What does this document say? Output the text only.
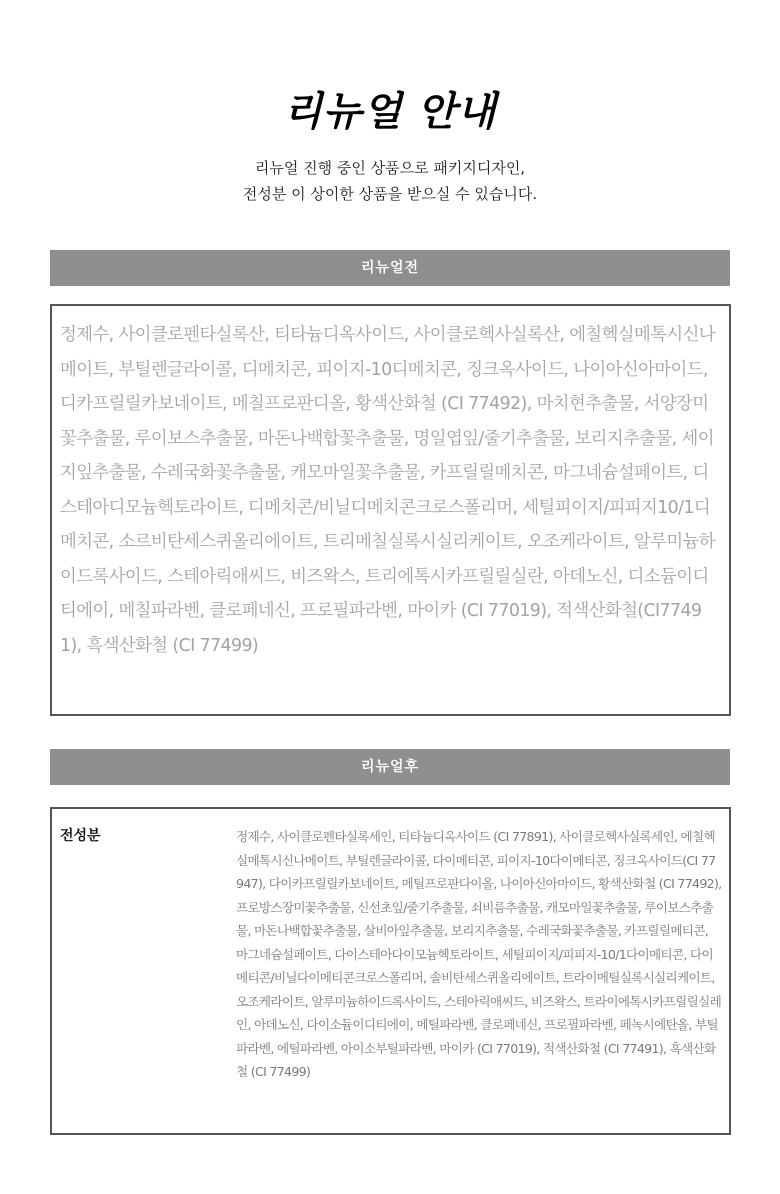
리뉴얼 안내
리뉴얼 진행 중인 상품으로 패키지디자인,
전성분 이 상이한 상품을 받으실 수 있습니다.
리뉴얼전
정제수, 사이클로펜타실록산, 티타늄디옥사이드, 사이클로헥사실록산, 에칠헥실메톡시신나메이트, 부틸렌글라이콜, 디메치콘, 피이지-10디메치콘, 징크옥사이드, 나이아신아마이드, 디카프릴릴카보네이트, 메칠프로판디올, 황색산화철 (CI 77492), 마치현추출물, 서양장미꽃추출물, 루이보스추출물, 마돈나백합꽃추출물, 명일엽잎/줄기추출물, 보리지추출물, 세이지잎추출물, 수레국화꽃추출물, 캐모마일꽃추출물, 카프릴릴메치콘, 마그네슘설페이트, 디스테아디모늄헥토라이트, 디메치콘/비닐디메치콘크로스폴리머, 세틸피이지/피피지10/1디메치콘, 소르비탄세스퀴올리에이트, 트리메칠실록시실리케이트, 오조케라이트, 알루미늄하이드록사이드, 스테아릭애씨드, 비즈왁스, 트리에톡시카프릴릴실란, 아데노신, 디소듐이디티에이, 메칠파라벤, 클로페네신, 프로필파라벤, 마이카 (CI 77019), 적색산화철(CI77491), 흑색산화철 (CI 77499)
리뉴얼후
전성분	정제수, 사이클로펜타실록세인, 티타늄디옥사이드 (CI 77891), 사이클로헥사실록세인, 에칠헥실메톡시신나메이트, 부틸렌글라이콜, 다이메티콘, 피이지-10다이메티콘, 징크옥사이드(CI 77947), 다이카프릴릴카보네이트, 메틸프로판다이올, 나이아신아마이드, 황색산화철 (CI 77492), 프로방스장미꽃추출물, 신선초잎/줄기추출물, 쇠비름추출물, 캐모마일꽃추출물, 루이보스추출물, 마돈나백합꽃추출물, 살비아잎추출물, 보리지추출물, 수레국화꽃추출물, 카프릴릴메티콘, 마그네슘설페이트, 다이스테아다이모늄헥토라이트, 세틸피이지/피피지-10/1다이메티콘, 다이메티콘/비닐다이메티콘크로스폴리머, 솔비탄세스퀴올리에이트, 트라이메틸실록시실리케이트, 오조케라이트, 알루미늄하이드록사이드, 스테아릭애씨드, 비즈왁스, 트라이에톡시카프릴릴실레인, 아데노신, 다이소듐이디티에이, 메틸파라벤, 클로페네신, 프로필파라벤, 페녹시에탄올, 부틸파라벤, 에틸파라벤, 아이소부틸파라벤, 마이카 (CI 77019), 적색산화철 (CI 77491), 흑색산화철 (CI 77499)
